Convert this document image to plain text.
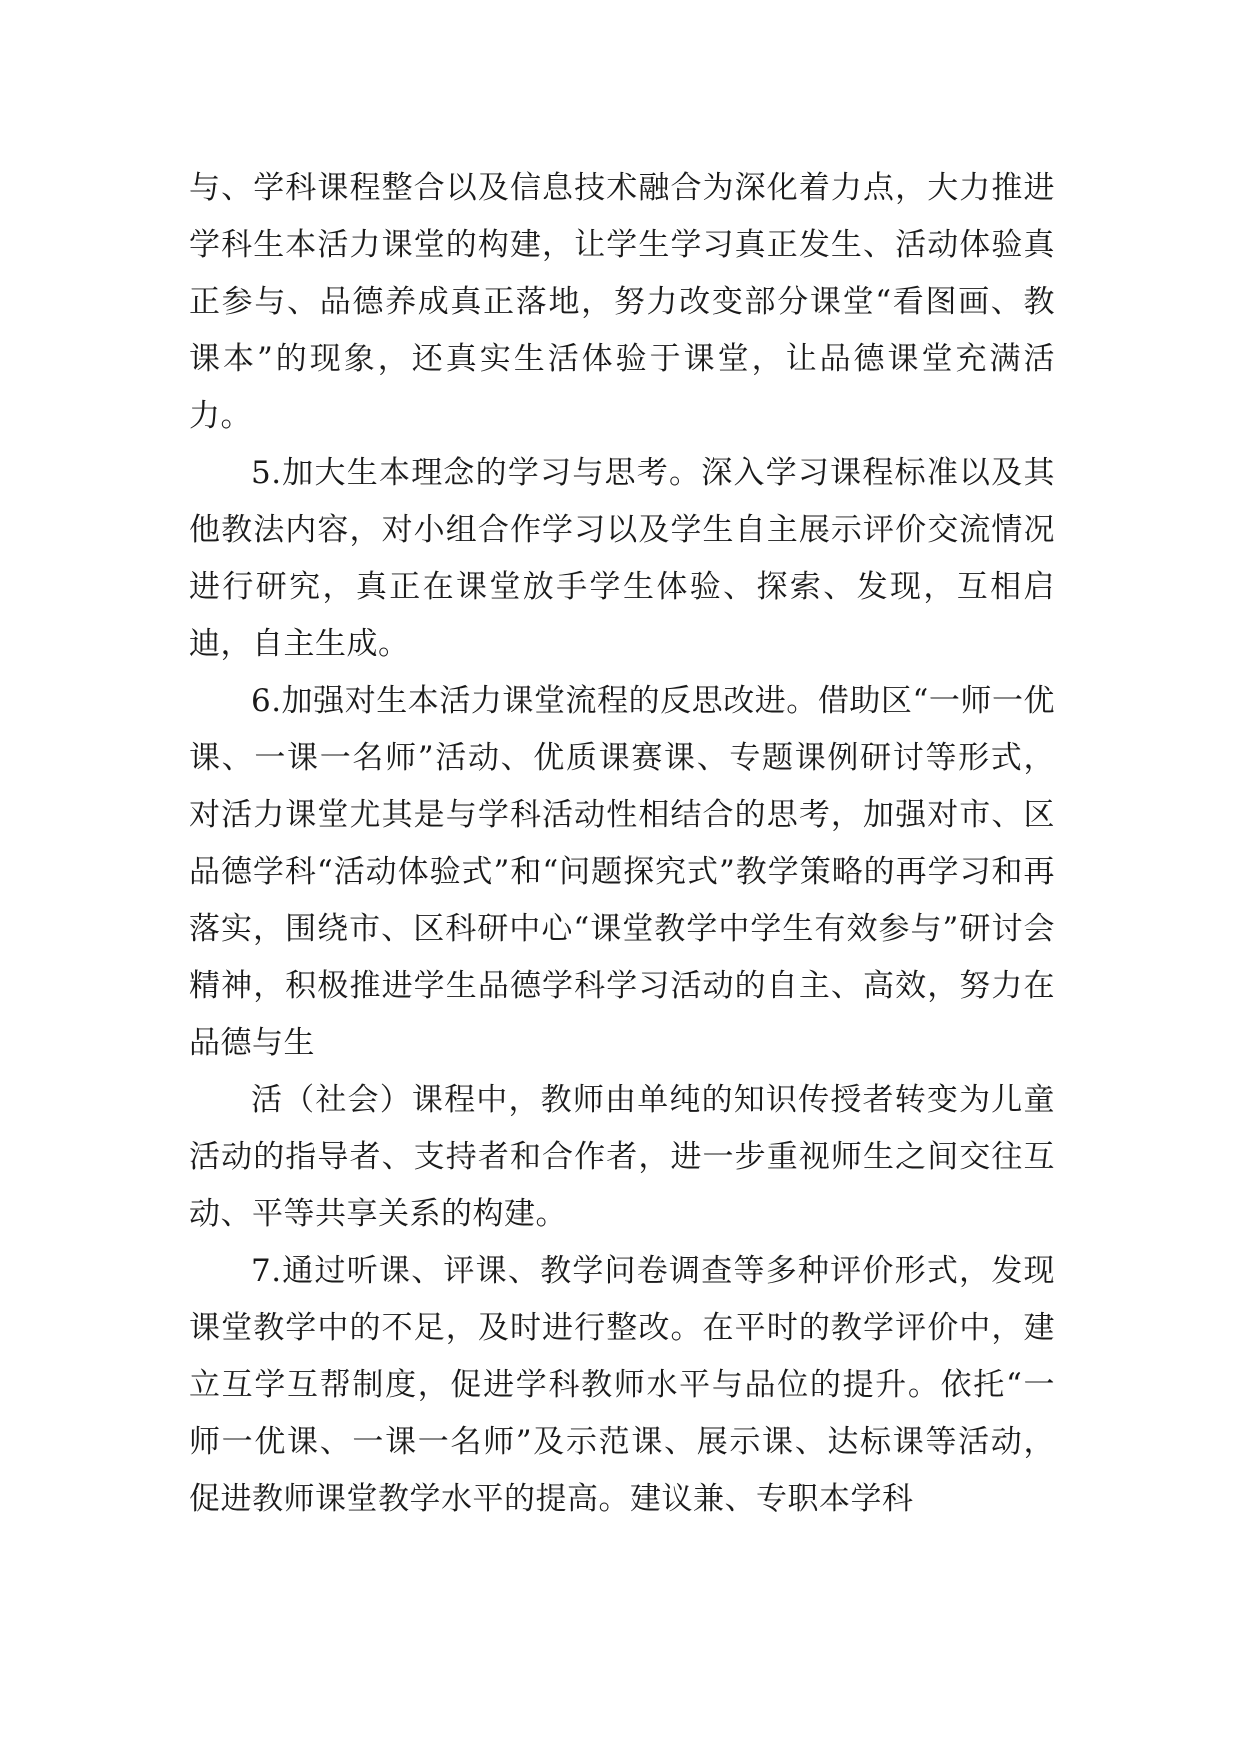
与、学科课程整合以及信息技术融合为深化着力点，大力推进学科生本活力课堂的构建，让学生学习真正发生、活动体验真正参与、品德养成真正落地，努力改变部分课堂“看图画、教课本”的现象，还真实生活体验于课堂，让品德课堂充满活力。

5.加大生本理念的学习与思考。深入学习课程标准以及其他教法内容，对小组合作学习以及学生自主展示评价交流情况进行研究，真正在课堂放手学生体验、探索、发现，互相启迪，自主生成。

6.加强对生本活力课堂流程的反思改进。借助区“一师一优课、一课一名师”活动、优质课赛课、专题课例研讨等形式，对活力课堂尤其是与学科活动性相结合的思考，加强对市、区品德学科“活动体验式”和“问题探究式”教学策略的再学习和再落实，围绕市、区科研中心“课堂教学中学生有效参与”研讨会精神，积极推进学生品德学科学习活动的自主、高效，努力在品德与生

活（社会）课程中，教师由单纯的知识传授者转变为儿童活动的指导者、支持者和合作者，进一步重视师生之间交往互动、平等共享关系的构建。

7.通过听课、评课、教学问卷调查等多种评价形式，发现课堂教学中的不足，及时进行整改。在平时的教学评价中，建立互学互帮制度，促进学科教师水平与品位的提升。依托“一师一优课、一课一名师”及示范课、展示课、达标课等活动，促进教师课堂教学水平的提高。建议兼、专职本学科
